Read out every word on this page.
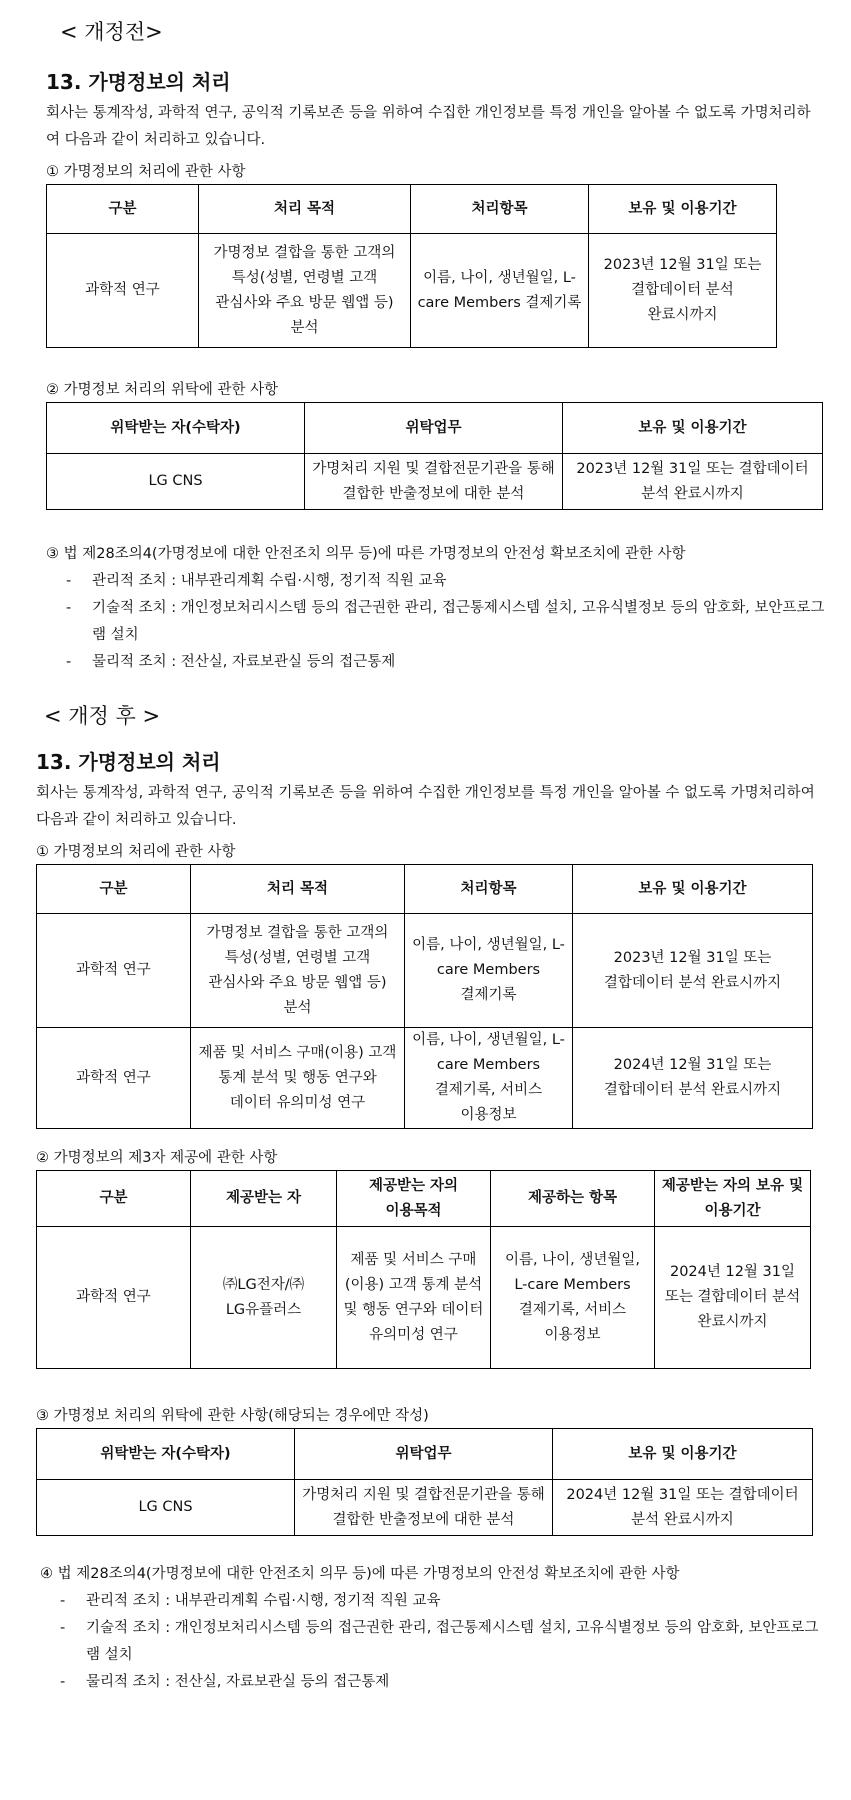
< 개정전>
13. 가명정보의 처리
회사는 통계작성, 과학적 연구, 공익적 기록보존 등을 위하여 수집한 개인정보를 특정 개인을 알아볼 수 없도록 가명처리하여 다음과 같이 처리하고 있습니다.
① 가명정보의 처리에 관한 사항
구분	처리 목적	처리항목	보유 및 이용기간
과학적 연구	가명정보 결합을 통한 고객의 특성(성별, 연령별 고객 관심사와 주요 방문 웹앱 등) 분석	이름, 나이, 생년월일, L-care Members 결제기록	2023년 12월 31일 또는 결합데이터 분석 완료시까지
② 가명정보 처리의 위탁에 관한 사항
위탁받는 자(수탁자)	위탁업무	보유 및 이용기간
LG CNS	가명처리 지원 및 결합전문기관을 통해 결합한 반출정보에 대한 분석	2023년 12월 31일 또는 결합데이터 분석 완료시까지
③ 법 제28조의4(가명정보에 대한 안전조치 의무 등)에 따른 가명정보의 안전성 확보조치에 관한 사항
- 관리적 조치 : 내부관리계획 수립·시행, 정기적 직원 교육
- 기술적 조치 : 개인정보처리시스템 등의 접근권한 관리, 접근통제시스템 설치, 고유식별정보 등의 암호화, 보안프로그램 설치
- 물리적 조치 : 전산실, 자료보관실 등의 접근통제
< 개정 후 >
13. 가명정보의 처리
회사는 통계작성, 과학적 연구, 공익적 기록보존 등을 위하여 수집한 개인정보를 특정 개인을 알아볼 수 없도록 가명처리하여 다음과 같이 처리하고 있습니다.
① 가명정보의 처리에 관한 사항
구분	처리 목적	처리항목	보유 및 이용기간
과학적 연구	가명정보 결합을 통한 고객의 특성(성별, 연령별 고객 관심사와 주요 방문 웹앱 등) 분석	이름, 나이, 생년월일, L-care Members 결제기록	2023년 12월 31일 또는 결합데이터 분석 완료시까지
과학적 연구	제품 및 서비스 구매(이용) 고객 통계 분석 및 행동 연구와 데이터 유의미성 연구	이름, 나이, 생년월일, L-care Members 결제기록, 서비스 이용정보	2024년 12월 31일 또는 결합데이터 분석 완료시까지
② 가명정보의 제3자 제공에 관한 사항
구분	제공받는 자	제공받는 자의 이용목적	제공하는 항목	제공받는 자의 보유 및 이용기간
과학적 연구	㈜LG전자/㈜LG유플러스	제품 및 서비스 구매(이용) 고객 통계 분석 및 행동 연구와 데이터 유의미성 연구	이름, 나이, 생년월일, L-care Members 결제기록, 서비스 이용정보	2024년 12월 31일 또는 결합데이터 분석 완료시까지
③ 가명정보 처리의 위탁에 관한 사항(해당되는 경우에만 작성)
위탁받는 자(수탁자)	위탁업무	보유 및 이용기간
LG CNS	가명처리 지원 및 결합전문기관을 통해 결합한 반출정보에 대한 분석	2024년 12월 31일 또는 결합데이터 분석 완료시까지
④ 법 제28조의4(가명정보에 대한 안전조치 의무 등)에 따른 가명정보의 안전성 확보조치에 관한 사항
- 관리적 조치 : 내부관리계획 수립·시행, 정기적 직원 교육
- 기술적 조치 : 개인정보처리시스템 등의 접근권한 관리, 접근통제시스템 설치, 고유식별정보 등의 암호화, 보안프로그램 설치
- 물리적 조치 : 전산실, 자료보관실 등의 접근통제
